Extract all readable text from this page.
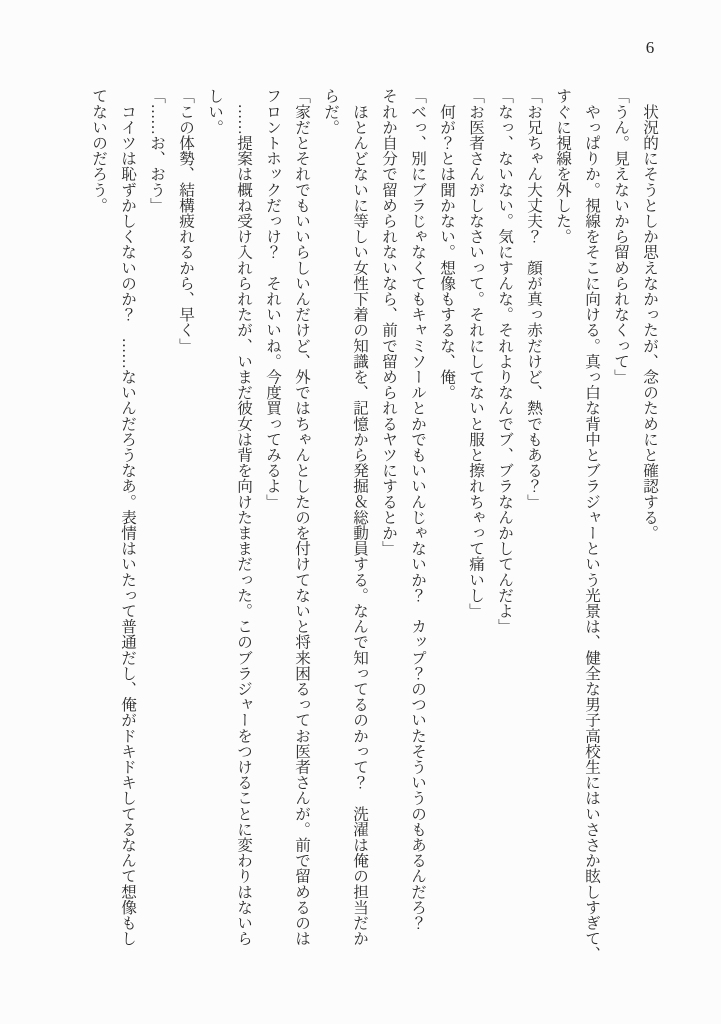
6

　状況的にそうとしか思えなかったが、念のためにと確認する。

「うん。見えないから留められなくって」

　やっぱりか。視線をそこに向ける。真っ白な背中とブラジャーという光景は、健全な男子高校生にはいささか眩しすぎて、

すぐに視線を外した。

「お兄ちゃん大丈夫？　顔が真っ赤だけど、熱でもある？」

「なっ、ないない。気にすんな。それよりなんでブ、ブラなんかしてんだよ」

「お医者さんがしなさいって。それにしてないと服と擦れちゃって痛いし」

　何が？とは聞かない。想像もするな、俺。

「べっ、別にブラじゃなくてもキャミソールとかでもいいんじゃないか？　カップ？のついたそういうのもあるんだろ？

それか自分で留められないなら、前で留められるヤツにするとか」

　ほとんどないに等しい女性下着の知識を、記憶から発掘＆総動員する。なんで知ってるのかって？　洗濯は俺の担当だか

らだ。

「家だとそれでもいいらしいんだけど、外ではちゃんとしたのを付けてないと将来困るってお医者さんが。前で留めるのは

フロントホックだっけ？　それいいね。今度買ってみるよ」

　……提案は概ね受け入れられたが、いまだ彼女は背を向けたままだった。このブラジャーをつけることに変わりはないら

しい。

「この体勢、結構疲れるから、早く」

「……お、おう」

　コイツは恥ずかしくないのか？　……ないんだろうなあ。表情はいたって普通だし、俺がドキドキしてるなんて想像もし

てないのだろう。
